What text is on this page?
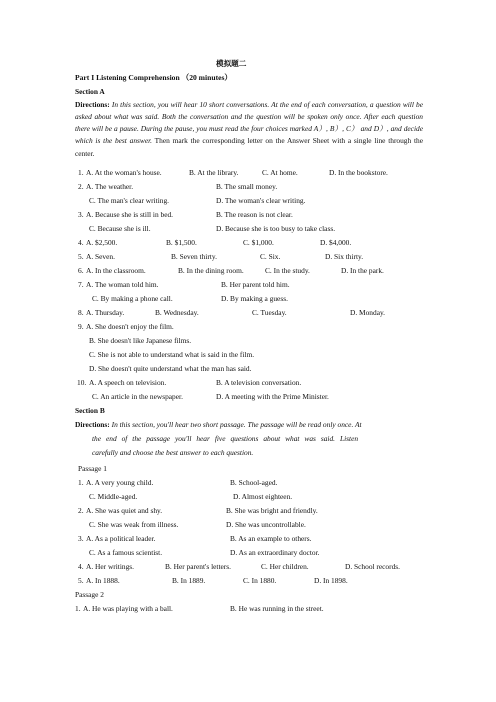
模拟题二
Part I Listening Comprehension （20 minutes）
Section A
Directions: In this section, you will hear 10 short conversations. At the end of each conversation, a question will be asked about what was said. Both the conversation and the question will be spoken only once. After each question there will be a pause. During the pause, you must read the four choices marked A）, B）, C） and D）, and decide which is the best answer. Then mark the corresponding letter on the Answer Sheet with a single line through the center.
1. A. At the woman's house.	B. At the library.	C. At home.	D. In the bookstore.
2. A. The weather.	B. The small money.
C. The man's clear writing.	D. The woman's clear writing.
3. A. Because she is still in bed.	B. The reason is not clear.
C. Because she is ill.	D. Because she is too busy to take class.
4. A. $2,500.	B. $1,500.	C. $1,000.	D. $4,000.
5. A. Seven.	B. Seven thirty.	C. Six.	D. Six thirty.
6. A. In the classroom.	B. In the dining room.	C. In the study.	D. In the park.
7. A. The woman told him.	B. Her parent told him.
C. By making a phone call.	D. By making a guess.
8. A. Thursday.	B. Wednesday.	C. Tuesday.	D. Monday.
9. A. She doesn't enjoy the film.
B. She doesn't like Japanese films.
C. She is not able to understand what is said in the film.
D. She doesn't quite understand what the man has said.
10. A. A speech on television.	B. A television conversation.
C. An article in the newspaper.	D. A meeting with the Prime Minister.
Section B
Directions: In this section, you'll hear two short passage. The passage will be read only once. At
the end of the passage you'll hear five questions about what was said. Listen
carefully and choose the best answer to each question.
Passage 1
1. A. A very young child.	B. School-aged.
C. Middle-aged.	D. Almost eighteen.
2. A. She was quiet and shy.	B. She was bright and friendly.
C. She was weak from illness.	D. She was uncontrollable.
3. A. As a political leader.	B. As an example to others.
C. As a famous scientist.	D. As an extraordinary doctor.
4. A. Her writings.	B. Her parent's letters.	C. Her children.	D. School records.
5. A. In 1888.	B. In 1889.	C. In 1880.	D. In 1898.
Passage 2
1. A. He was playing with a ball.	B. He was running in the street.
